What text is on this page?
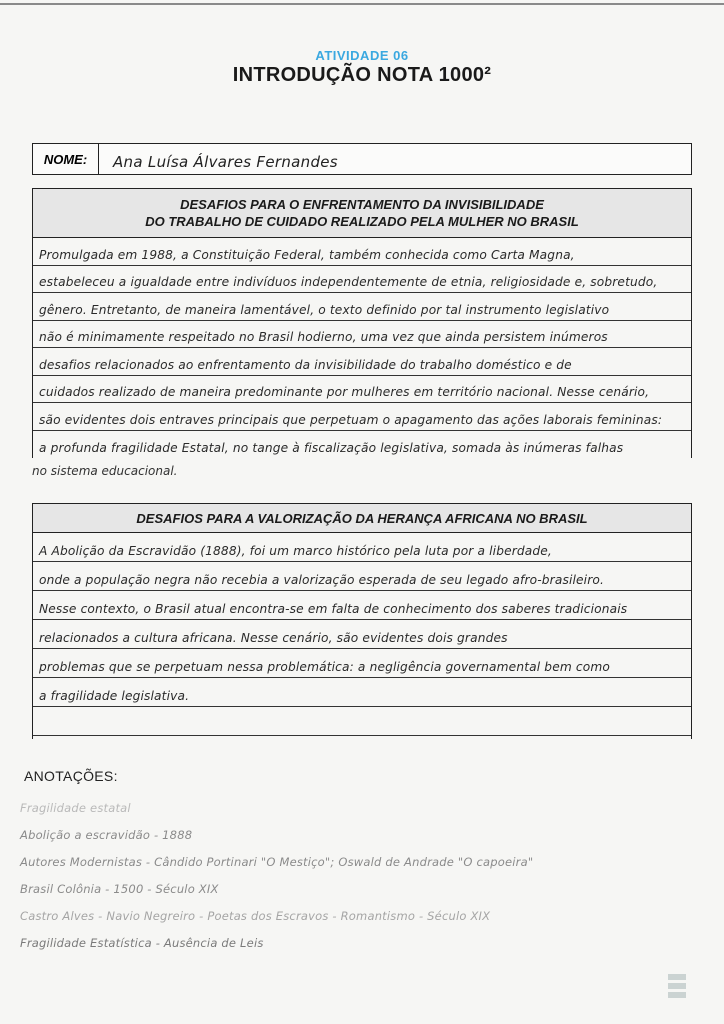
ATIVIDADE 06
INTRODUÇÃO NOTA 1000²
NOME:	Ana Luísa Álvares Fernandes
DESAFIOS PARA O ENFRENTAMENTO DA INVISIBILIDADE
DO TRABALHO DE CUIDADO REALIZADO PELA MULHER NO BRASIL
Promulgada em 1988, a Constituição Federal, também conhecida como Carta Magna,
estabeleceu a igualdade entre indivíduos independentemente de etnia, religiosidade e, sobretudo,
gênero. Entretanto, de maneira lamentável, o texto definido por tal instrumento legislativo
não é minimamente respeitado no Brasil hodierno, uma vez que ainda persistem inúmeros
desafios relacionados ao enfrentamento da invisibilidade do trabalho doméstico e de
cuidados realizado de maneira predominante por mulheres em território nacional. Nesse cenário,
são evidentes dois entraves principais que perpetuam o apagamento das ações laborais femininas:
a profunda fragilidade Estatal, no tange à fiscalização legislativa, somada às inúmeras falhas
no sistema educacional.
DESAFIOS PARA A VALORIZAÇÃO DA HERANÇA AFRICANA NO BRASIL
A Abolição da Escravidão (1888), foi um marco histórico pela luta por a liberdade,
onde a população negra não recebia a valorização esperada de seu legado afro-brasileiro.
Nesse contexto, o Brasil atual encontra-se em falta de conhecimento dos saberes tradicionais
relacionados a cultura africana. Nesse cenário, são evidentes dois grandes
problemas que se perpetuam nessa problemática: a negligência governamental bem como
a fragilidade legislativa.
ANOTAÇÕES:
Fragilidade estatal
Abolição a escravidão - 1888
Autores Modernistas - Cândido Portinari "O Mestiço"; Oswald de Andrade "O capoeira"
Brasil Colônia - 1500 - Século XIX
Castro Alves - Navio Negreiro - Poetas dos Escravos - Romantismo - Século XIX
Fragilidade Estatística - Ausência de Leis
